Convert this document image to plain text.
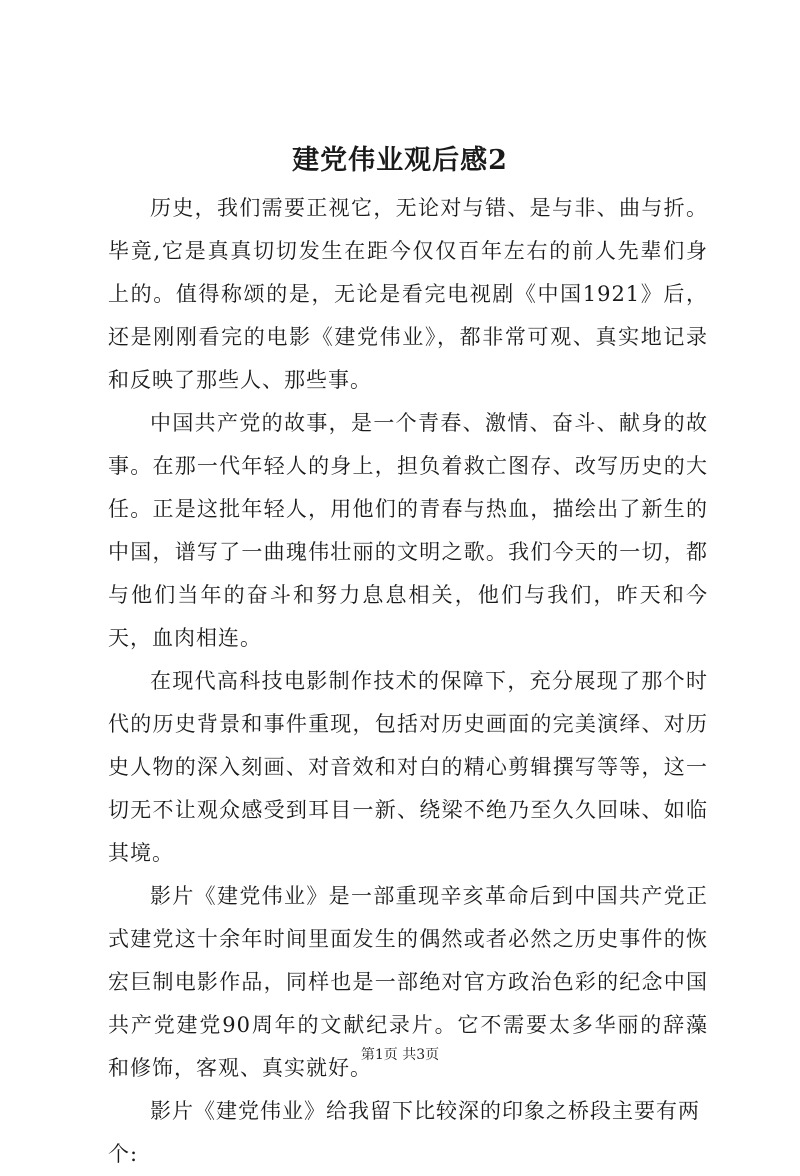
建党伟业观后感2

历史，我们需要正视它，无论对与错、是与非、曲与折。毕竟,它是真真切切发生在距今仅仅百年左右的前人先辈们身上的。值得称颂的是，无论是看完电视剧《中国1921》后，还是刚刚看完的电影《建党伟业》，都非常可观、真实地记录和反映了那些人、那些事。

中国共产党的故事，是一个青春、激情、奋斗、献身的故事。在那一代年轻人的身上，担负着救亡图存、改写历史的大任。正是这批年轻人，用他们的青春与热血，描绘出了新生的中国，谱写了一曲瑰伟壮丽的文明之歌。我们今天的一切，都与他们当年的奋斗和努力息息相关，他们与我们，昨天和今天，血肉相连。

在现代高科技电影制作技术的保障下，充分展现了那个时代的历史背景和事件重现，包括对历史画面的完美演绎、对历史人物的深入刻画、对音效和对白的精心剪辑撰写等等，这一切无不让观众感受到耳目一新、绕梁不绝乃至久久回味、如临其境。

影片《建党伟业》是一部重现辛亥革命后到中国共产党正式建党这十余年时间里面发生的偶然或者必然之历史事件的恢宏巨制电影作品，同样也是一部绝对官方政治色彩的纪念中国共产党建党90周年的文献纪录片。它不需要太多华丽的辞藻和修饰，客观、真实就好。

影片《建党伟业》给我留下比较深的印象之桥段主要有两个:

第1页 共3页
